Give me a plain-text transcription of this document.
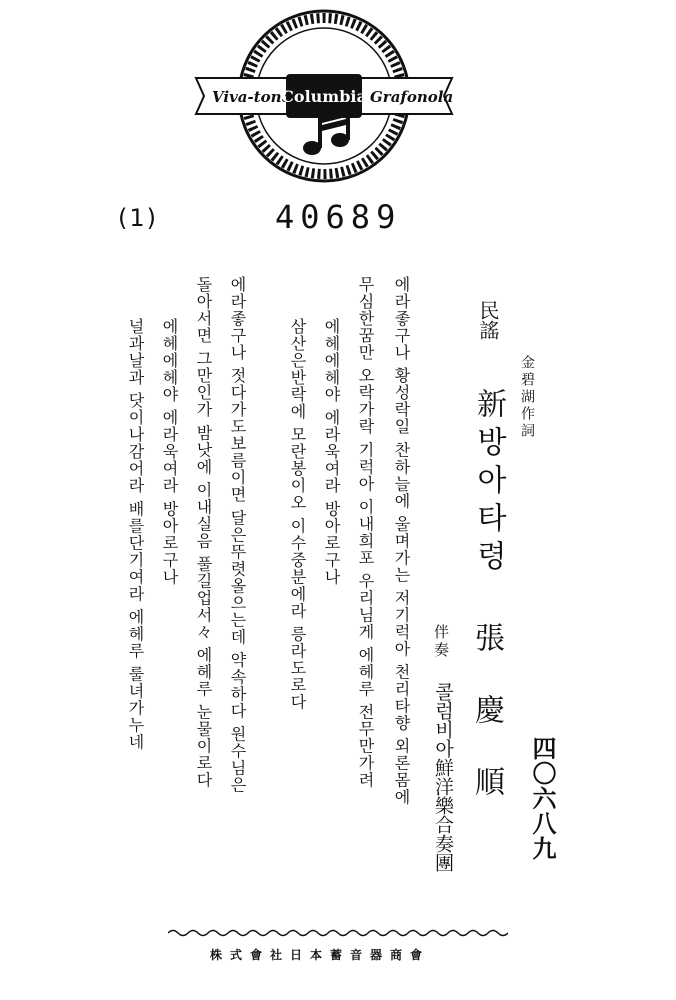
Viva-tonal
Columbia Grafonola
(1)	40689
民謠
金碧湖作詞
新방아타령
張慶順
伴奏
콜럼비아鮮洋樂合奏團	四〇六八九
에라좋구나 황성락일 찬하늘에 울며가는 저기럭아 천리타향 외론몸에
무심한꿈만 오락가락 기럭아 이내희포 우리님게 에헤루 전무만가려
에헤에헤야 에라욱여라 방아로구나
삼산은반락에 모란봉이오 이수중분에라 릉라도로다
에라좋구나 젓다가도보름이면 달은뚜렷올으는데 약속하다 원수님은
돌아서면 그만인가 밤낫에 이내실음 풀길업서々 에헤루 눈물이로다
에헤에헤야 에라욱여라 방아로구나
널과날과 닷이나감어라 배를단기여라 에헤루 룰녀가누네
株式會社日本蓄音器商會
